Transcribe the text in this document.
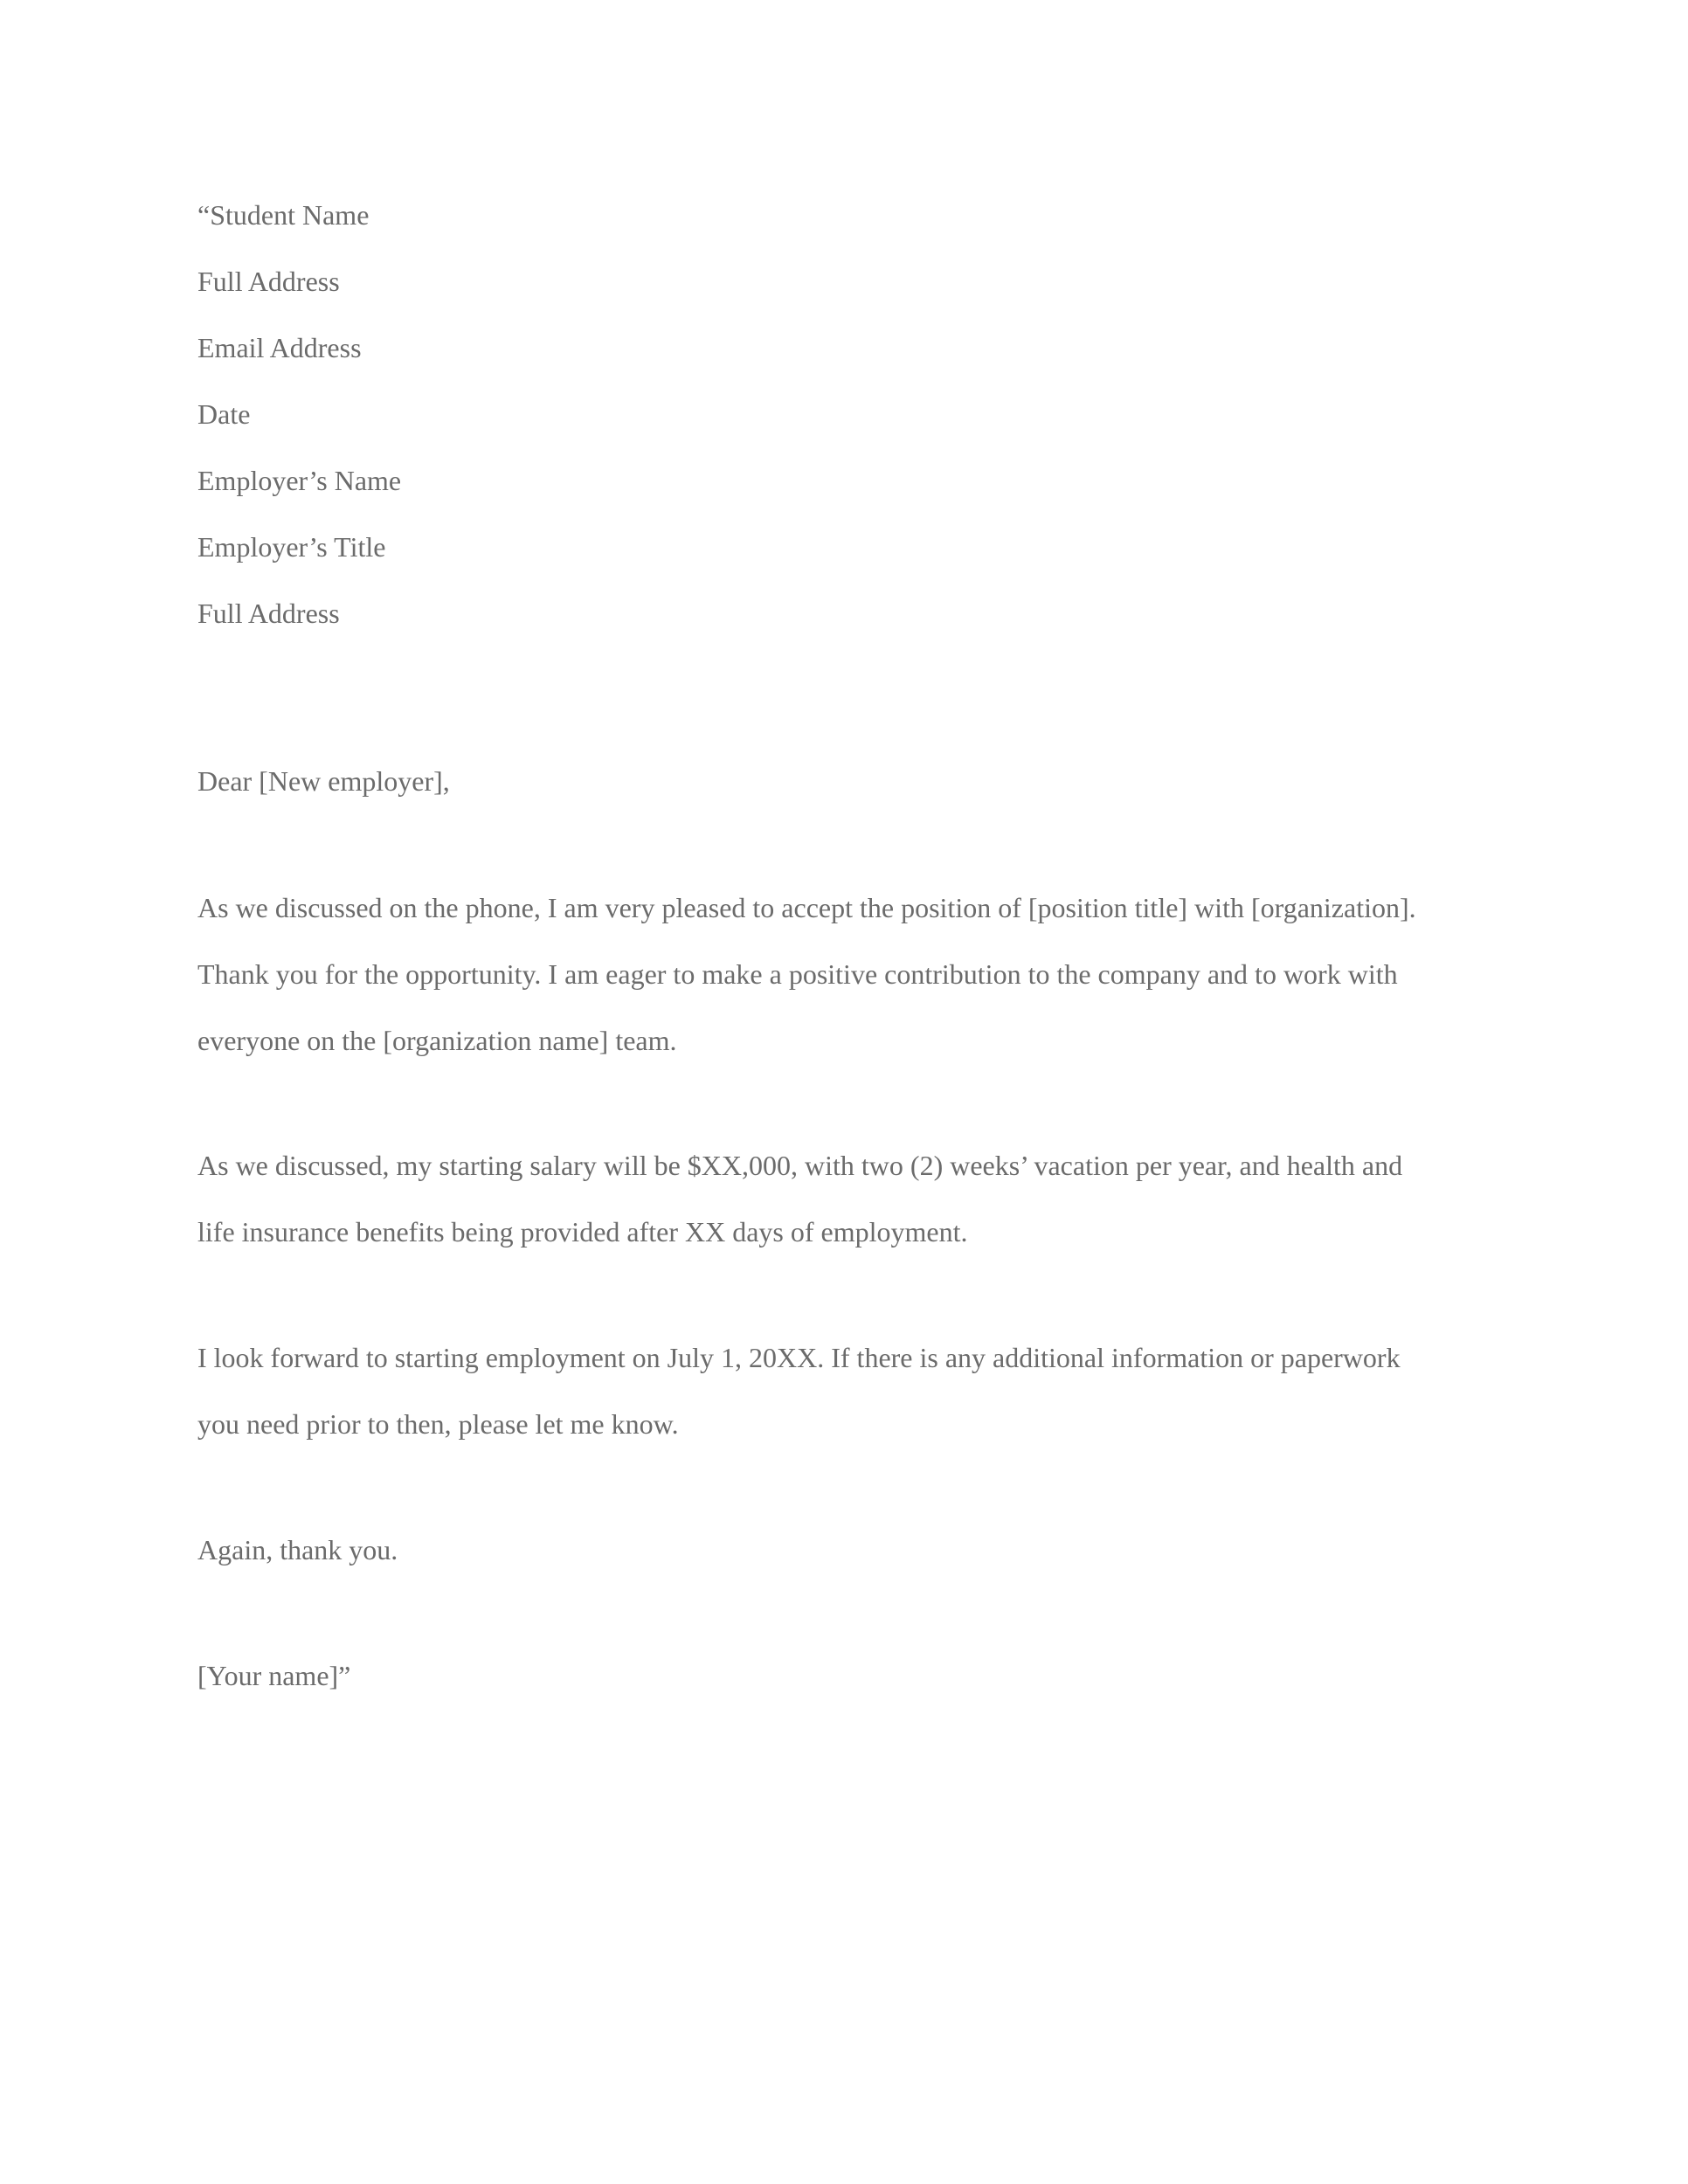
“Student Name
Full Address
Email Address
Date
Employer’s Name
Employer’s Title
Full Address
Dear [New employer],
As we discussed on the phone, I am very pleased to accept the position of [position title] with [organization].
Thank you for the opportunity. I am eager to make a positive contribution to the company and to work with
everyone on the [organization name] team.
As we discussed, my starting salary will be $XX,000, with two (2) weeks’ vacation per year, and health and
life insurance benefits being provided after XX days of employment.
I look forward to starting employment on July 1, 20XX. If there is any additional information or paperwork
you need prior to then, please let me know.
Again, thank you.
[Your name]”
